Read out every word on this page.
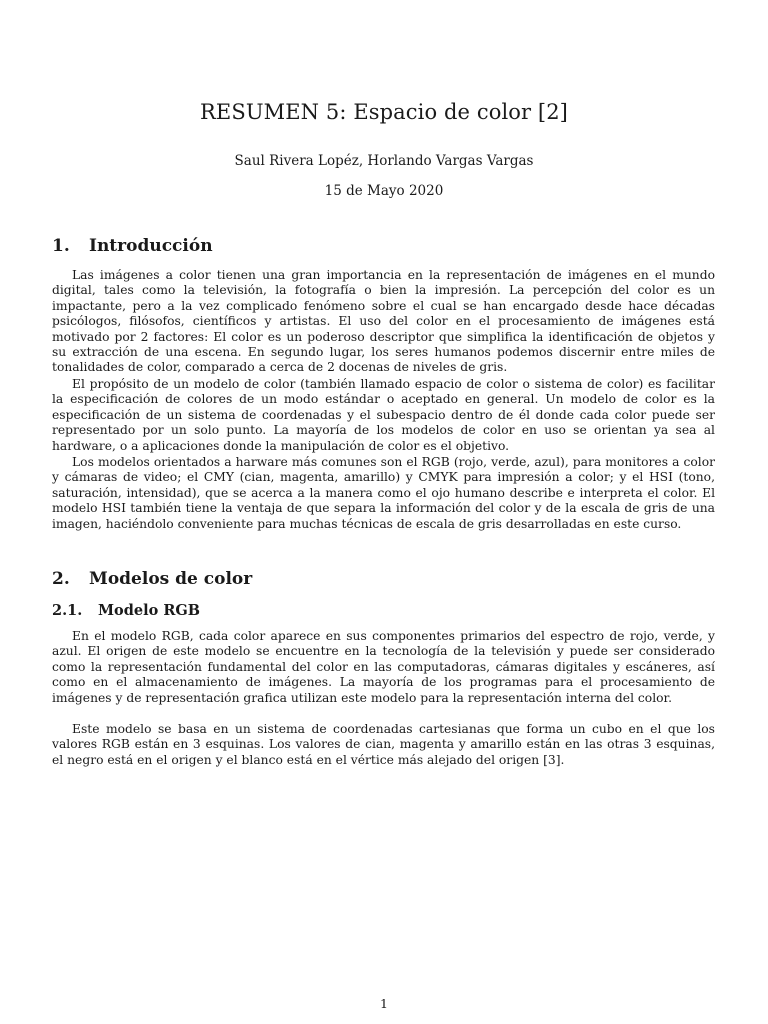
RESUMEN 5: Espacio de color [2]
Saul Rivera Lopéz, Horlando Vargas Vargas
15 de Mayo 2020
1. Introducción

Las imágenes a color tienen una gran importancia en la representación de imágenes en el mundo digital, tales como la televisión, la fotografía o bien la impresión. La percepción del color es un impactante, pero a la vez complicado fenómeno sobre el cual se han encargado desde hace décadas psicólogos, filósofos, científicos y artistas. El uso del color en el procesamiento de imágenes está motivado por 2 factores: El color es un poderoso descriptor que simplifica la identificación de objetos y su extracción de una escena. En segundo lugar, los seres humanos podemos discernir entre miles de tonalidades de color, comparado a cerca de 2 docenas de niveles de gris.

El propósito de un modelo de color (también llamado espacio de color o sistema de color) es facilitar la especificación de colores de un modo estándar o aceptado en general. Un modelo de color es la especificación de un sistema de coordenadas y el subespacio dentro de él donde cada color puede ser representado por un solo punto. La mayoría de los modelos de color en uso se orientan ya sea al hardware, o a aplicaciones donde la manipulación de color es el objetivo.

Los modelos orientados a harware más comunes son el RGB (rojo, verde, azul), para monitores a color y cámaras de video; el CMY (cian, magenta, amarillo) y CMYK para impresión a color; y el HSI (tono, saturación, intensidad), que se acerca a la manera como el ojo humano describe e interpreta el color. El modelo HSI también tiene la ventaja de que separa la información del color y de la escala de gris de una imagen, haciéndolo conveniente para muchas técnicas de escala de gris desarrolladas en este curso.

2. Modelos de color
2.1. Modelo RGB

En el modelo RGB, cada color aparece en sus componentes primarios del espectro de rojo, verde, y azul. El origen de este modelo se encuentre en la tecnología de la televisión y puede ser considerado como la representación fundamental del color en las computadoras, cámaras digitales y escáneres, así como en el almacenamiento de imágenes. La mayoría de los programas para el procesamiento de imágenes y de representación grafica utilizan este modelo para la representación interna del color.

Este modelo se basa en un sistema de coordenadas cartesianas que forma un cubo en el que los valores RGB están en 3 esquinas. Los valores de cian, magenta y amarillo están en las otras 3 esquinas, el negro está en el origen y el blanco está en el vértice más alejado del origen [3].

1
